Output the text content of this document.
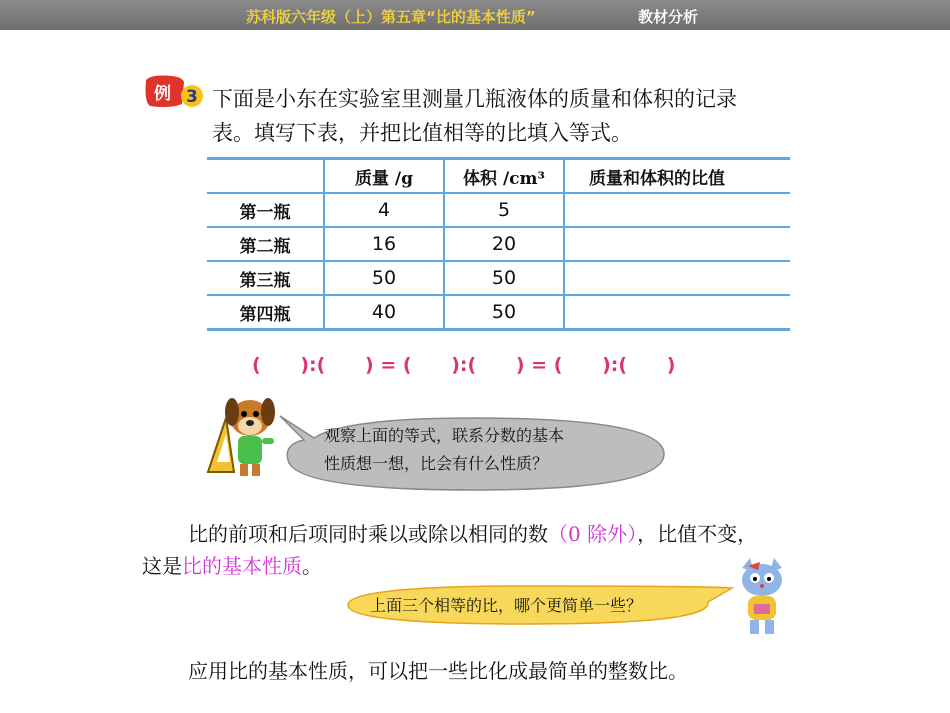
苏科版六年级（上）第五章“比的基本性质”	教材分析
例 3 下面是小东在实验室里测量几瓶液体的质量和体积的记录
表。填写下表，并把比值相等的比填入等式。
	质量 /g	体积 /cm³	质量和体积的比值
第一瓶	4	5	
第二瓶	16	20	
第三瓶	50	50	
第四瓶	40	50	
(      ):(      ) = (      ):(      ) = (      ):(      )
观察上面的等式，联系分数的基本
性质想一想，比会有什么性质？
比的前项和后项同时乘以或除以相同的数（0 除外），比值不变，
这是比的基本性质。
上面三个相等的比，哪个更简单一些？
应用比的基本性质，可以把一些比化成最简单的整数比。
